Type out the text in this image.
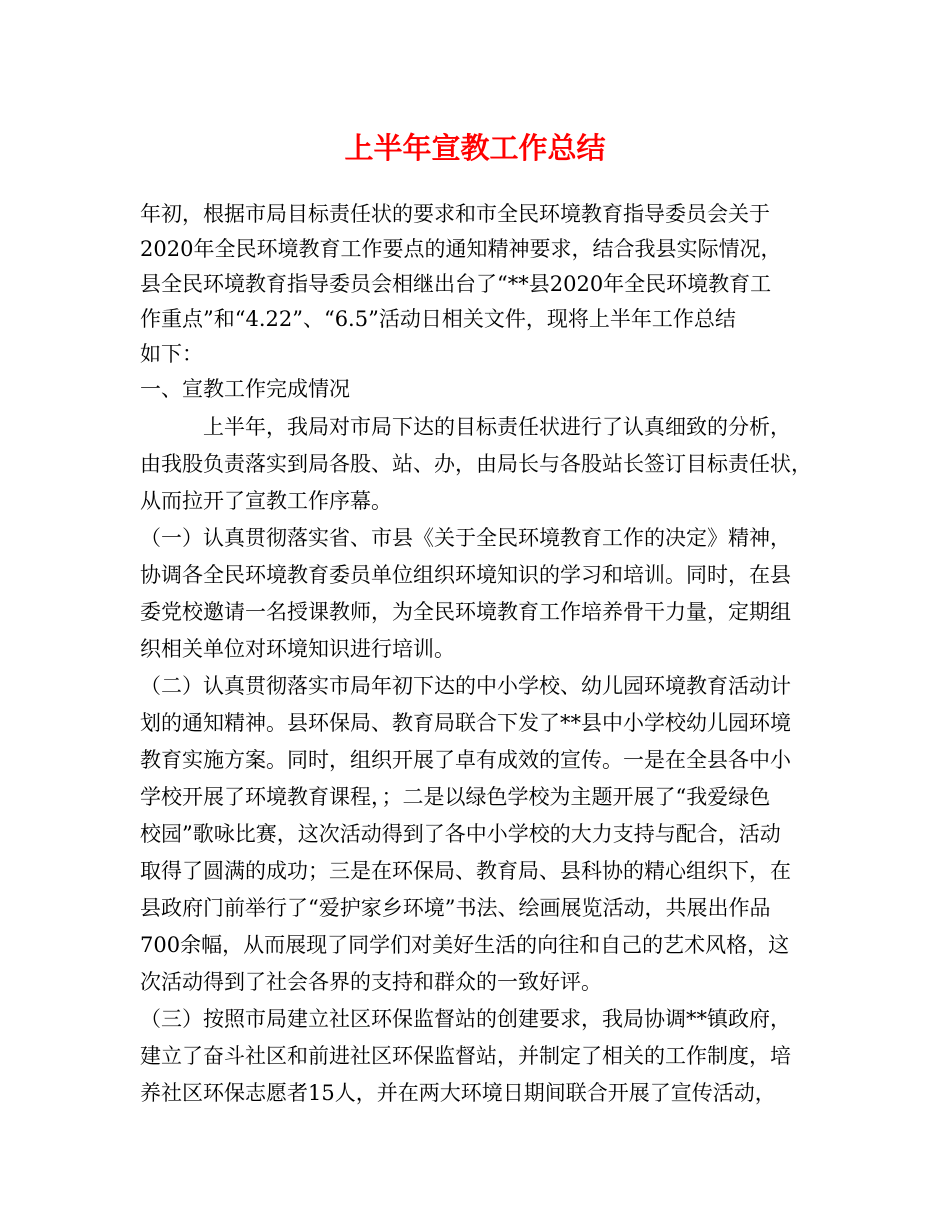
上半年宣教工作总结
年初，根据市局目标责任状的要求和市全民环境教育指导委员会关于
2020年全民环境教育工作要点的通知精神要求，结合我县实际情况，
县全民环境教育指导委员会相继出台了“**县2020年全民环境教育工
作重点”和“4.22”、“6.5”活动日相关文件，现将上半年工作总结
如下：
一、宣教工作完成情况
　　　上半年，我局对市局下达的目标责任状进行了认真细致的分析，
由我股负责落实到局各股、站、办，由局长与各股站长签订目标责任状，
从而拉开了宣教工作序幕。
（一）认真贯彻落实省、市县《关于全民环境教育工作的决定》精神，
协调各全民环境教育委员单位组织环境知识的学习和培训。同时，在县
委党校邀请一名授课教师，为全民环境教育工作培养骨干力量，定期组
织相关单位对环境知识进行培训。
（二）认真贯彻落实市局年初下达的中小学校、幼儿园环境教育活动计
划的通知精神。县环保局、教育局联合下发了**县中小学校幼儿园环境
教育实施方案。同时，组织开展了卓有成效的宣传。一是在全县各中小
学校开展了环境教育课程，；二是以绿色学校为主题开展了“我爱绿色
校园”歌咏比赛，这次活动得到了各中小学校的大力支持与配合，活动
取得了圆满的成功；三是在环保局、教育局、县科协的精心组织下，在
县政府门前举行了“爱护家乡环境”书法、绘画展览活动，共展出作品
700余幅，从而展现了同学们对美好生活的向往和自己的艺术风格，这
次活动得到了社会各界的支持和群众的一致好评。
（三）按照市局建立社区环保监督站的创建要求，我局协调**镇政府，
建立了奋斗社区和前进社区环保监督站，并制定了相关的工作制度，培
养社区环保志愿者15人，并在两大环境日期间联合开展了宣传活动，
